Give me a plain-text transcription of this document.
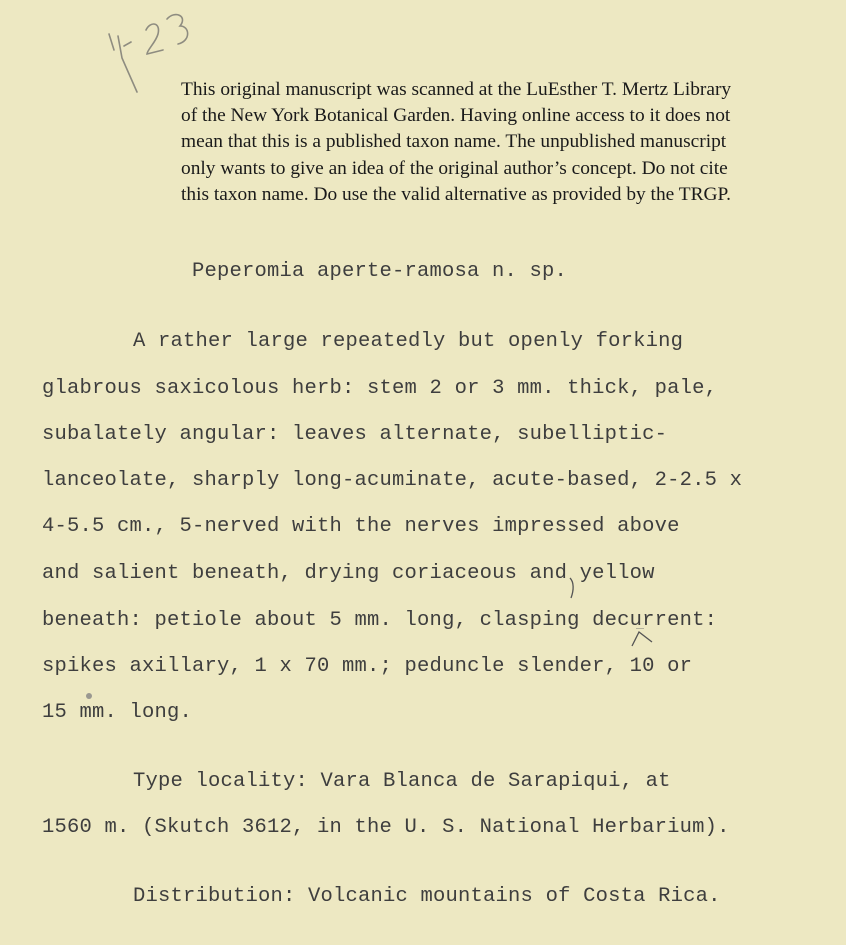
This original manuscript was scanned at the LuEsther T. Mertz Library
of the New York Botanical Garden. Having online access to it does not
mean that this is a published taxon name. The unpublished manuscript
only wants to give an idea of the original author’s concept. Do not cite
this taxon name. Do use the valid alternative as provided by the TRGP.
Peperomia aperte-ramosa n. sp.
A rather large repeatedly but openly forking
glabrous saxicolous herb: stem 2 or 3 mm. thick, pale,
subalately angular: leaves alternate, subelliptic-
lanceolate, sharply long-acuminate, acute-based, 2-2.5 x
4-5.5 cm., 5-nerved with the nerves impressed above
and salient beneath, drying coriaceous and yellow
beneath: petiole about 5 mm. long, clasping decurrent:
spikes axillary, 1 x 70 mm.; peduncle slender, 10 or
15 mm. long.
Type locality: Vara Blanca de Sarapiqui, at
1560 m. (Skutch 3612, in the U. S. National Herbarium).
Distribution: Volcanic mountains of Costa Rica.
